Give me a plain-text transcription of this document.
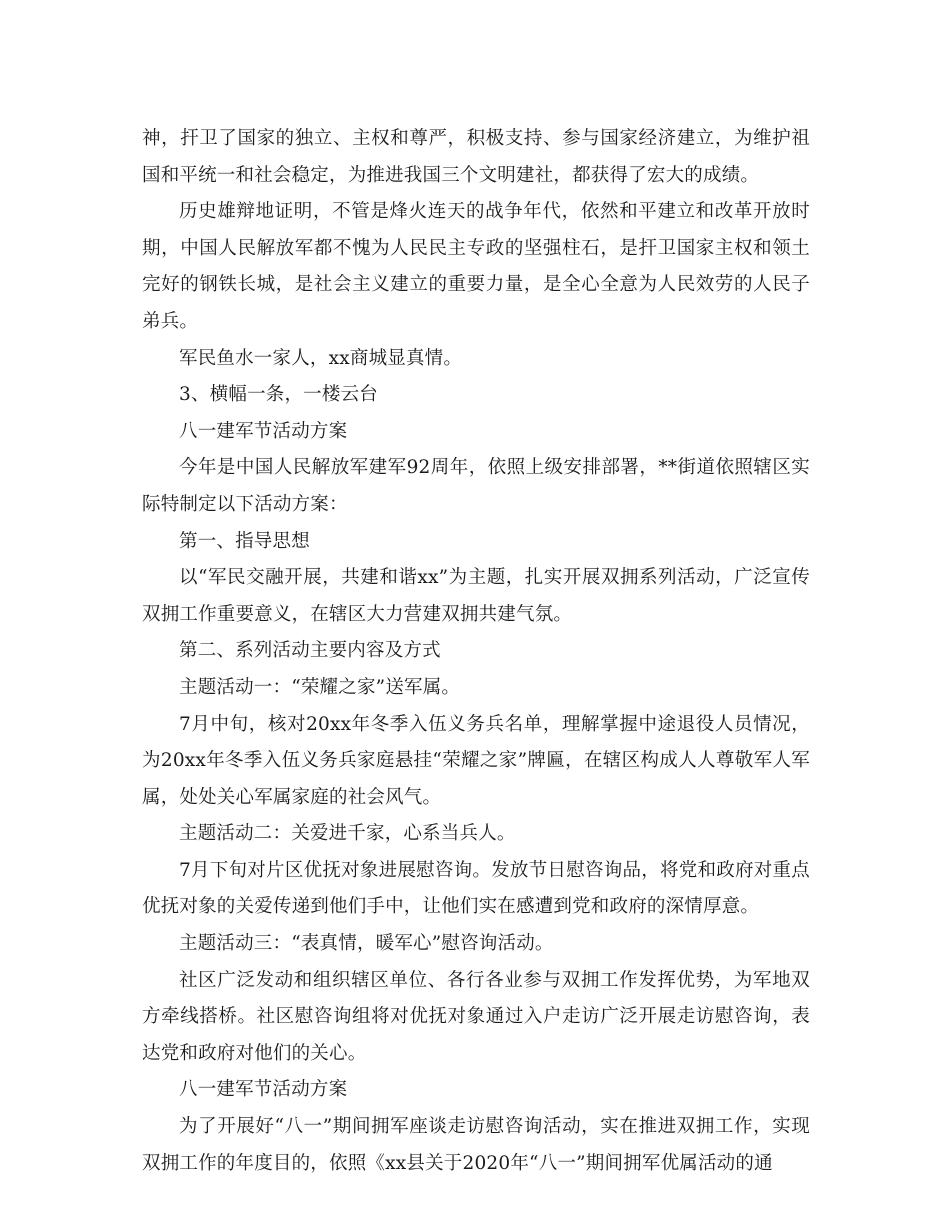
神，扞卫了国家的独立、主权和尊严，积极支持、参与国家经济建立，为维护祖国和平统一和社会稳定，为推进我国三个文明建社，都获得了宏大的成绩。

历史雄辩地证明，不管是烽火连天的战争年代，依然和平建立和改革开放时期，中国人民解放军都不愧为人民民主专政的坚强柱石，是扞卫国家主权和领土完好的钢铁长城，是社会主义建立的重要力量，是全心全意为人民效劳的人民子弟兵。

军民鱼水一家人，xx商城显真情。

3、横幅一条，一楼云台

八一建军节活动方案

今年是中国人民解放军建军92周年，依照上级安排部署，**街道依照辖区实际特制定以下活动方案：

第一、指导思想

以“军民交融开展，共建和谐xx”为主题，扎实开展双拥系列活动，广泛宣传双拥工作重要意义，在辖区大力营建双拥共建气氛。

第二、系列活动主要内容及方式

主题活动一：“荣耀之家”送军属。

7月中旬，核对20xx年冬季入伍义务兵名单，理解掌握中途退役人员情况，为20xx年冬季入伍义务兵家庭悬挂“荣耀之家”牌匾，在辖区构成人人尊敬军人军属，处处关心军属家庭的社会风气。

主题活动二：关爱进千家，心系当兵人。

7月下旬对片区优抚对象进展慰咨询。发放节日慰咨询品，将党和政府对重点优抚对象的关爱传递到他们手中，让他们实在感遭到党和政府的深情厚意。

主题活动三：“表真情，暖军心”慰咨询活动。

社区广泛发动和组织辖区单位、各行各业参与双拥工作发挥优势，为军地双方牵线搭桥。社区慰咨询组将对优抚对象通过入户走访广泛开展走访慰咨询，表达党和政府对他们的关心。

八一建军节活动方案

为了开展好“八一”期间拥军座谈走访慰咨询活动，实在推进双拥工作，实现双拥工作的年度目的，依照《xx县关于2020年“八一”期间拥军优属活动的通
